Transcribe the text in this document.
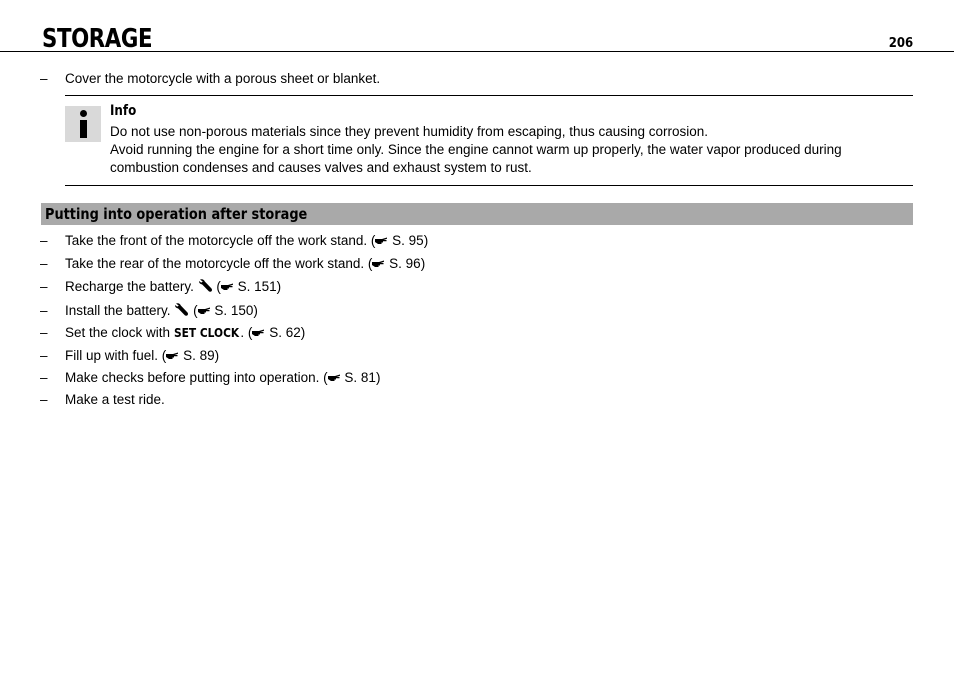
STORAGE	206
– Cover the motorcycle with a porous sheet or blanket.
Info
Do not use non-porous materials since they prevent humidity from escaping, thus causing corrosion.
Avoid running the engine for a short time only. Since the engine cannot warm up properly, the water vapor produced during
combustion condenses and causes valves and exhaust system to rust.
Putting into operation after storage
– Take the front of the motorcycle off the work stand. ( S. 95)
– Take the rear of the motorcycle off the work stand. ( S. 96)
– Recharge the battery.  ( S. 151)
– Install the battery.  ( S. 150)
– Set the clock with SET CLOCK. ( S. 62)
– Fill up with fuel. ( S. 89)
– Make checks before putting into operation. ( S. 81)
– Make a test ride.
